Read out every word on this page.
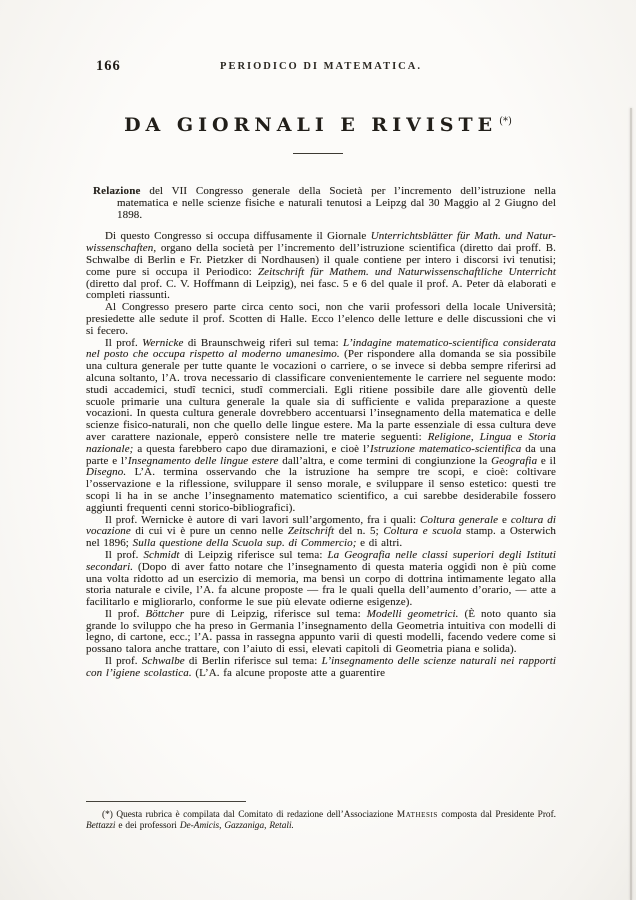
166	PERIODICO DI MATEMATICA.
DA GIORNALI E RIVISTE (*)

Relazione del VII Congresso generale della Società per l’incremento dell’istruzione nella matematica e nelle scienze fisiche e naturali tenutosi a Leipzg dal 30 Maggio al 2 Giugno del 1898.

Di questo Congresso si occupa diffusamente il Giornale Unterrichtsblätter für Math. und Natur-wissenschaften, organo della società per l’incremento dell’istruzione scientifica (diretto dai proff. B. Schwalbe di Berlin e Fr. Pietzker di Nordhausen) il quale contiene per intero i discorsi ivi tenutisi; come pure si occupa il Periodico: Zeitschrift für Mathem. und Naturwissenschaftliche Unterricht (diretto dal prof. C. V. Hoffmann di Leipzig), nei fasc. 5 e 6 del quale il prof. A. Peter dà elaborati e completi riassunti.

Al Congresso presero parte circa cento soci, non che varii professori della locale Università; presiedette alle sedute il prof. Scotten di Halle. Ecco l’elenco delle letture e delle discussioni che vi si fecero.

Il prof. Wernicke di Braunschweig riferì sul tema: L’indagine matematico-scientifica considerata nel posto che occupa rispetto al moderno umanesimo. (Per rispondere alla domanda se sia possibile una cultura generale per tutte quante le vocazioni o carriere, o se invece si debba sempre riferirsi ad alcuna soltanto, l’A. trova necessario di classificare convenientemente le carriere nel seguente modo: studi accademici, studî tecnici, studî commerciali. Egli ritiene possibile dare alle gioventù delle scuole primarie una cultura generale la quale sia di sufficiente e valida preparazione a queste vocazioni. In questa cultura generale dovrebbero accentuarsi l’insegnamento della matematica e delle scienze fisico-naturali, non che quello delle lingue estere. Ma la parte essenziale di essa cultura deve aver carattere nazionale, epperò consistere nelle tre materie seguenti: Religione, Lingua e Storia nazionale; a questa farebbero capo due diramazioni, e cioè l’Istruzione matematico-scientifica da una parte e l’Insegnamento delle lingue estere dall’altra, e come termini di congiunzione la Geografia e il Disegno. L’A. termina osservando che la istruzione ha sempre tre scopi, e cioè: coltivare l’osservazione e la riflessione, sviluppare il senso morale, e sviluppare il senso estetico: questi tre scopi li ha in se anche l’insegnamento matematico scientifico, a cui sarebbe desiderabile fossero aggiunti frequenti cenni storico-bibliografici).

Il prof. Wernicke è autore di vari lavori sull’argomento, fra i quali: Coltura generale e coltura di vocazione di cui vi è pure un cenno nelle Zeitschrift del n. 5; Coltura e scuola stamp. a Osterwich nel 1896; Sulla questione della Scuola sup. di Commercio; e di altri.

Il prof. Schmidt di Leipzig riferisce sul tema: La Geografia nelle classi superiori degli Istituti secondari. (Dopo di aver fatto notare che l’insegnamento di questa materia oggidì non è più come una volta ridotto ad un esercizio di memoria, ma bensì un corpo di dottrina intimamente legato alla storia naturale e civile, l’A. fa alcune proposte — fra le quali quella dell’aumento d’orario, — atte a facilitarlo e migliorarlo, conforme le sue più elevate odierne esigenze).

Il prof. Böttcher pure di Leipzig, riferisce sul tema: Modelli geometrici. (È noto quanto sia grande lo sviluppo che ha preso in Germania l’insegnamento della Geometria intuitiva con modelli di legno, di cartone, ecc.; l’A. passa in rassegna appunto varii di questi modelli, facendo vedere come si possano talora anche trattare, con l’aiuto di essi, elevati capitoli di Geometria piana e solida).

Il prof. Schwalbe di Berlin riferisce sul tema: L’insegnamento delle scienze naturali nei rapporti con l’igiene scolastica. (L’A. fa alcune proposte atte a guarentire

(*) Questa rubrica è compilata dal Comitato di redazione dell’Associazione Mathesis composta dal Presidente Prof. Bettazzi e dei professori De-Amicis, Gazzaniga, Retali.
